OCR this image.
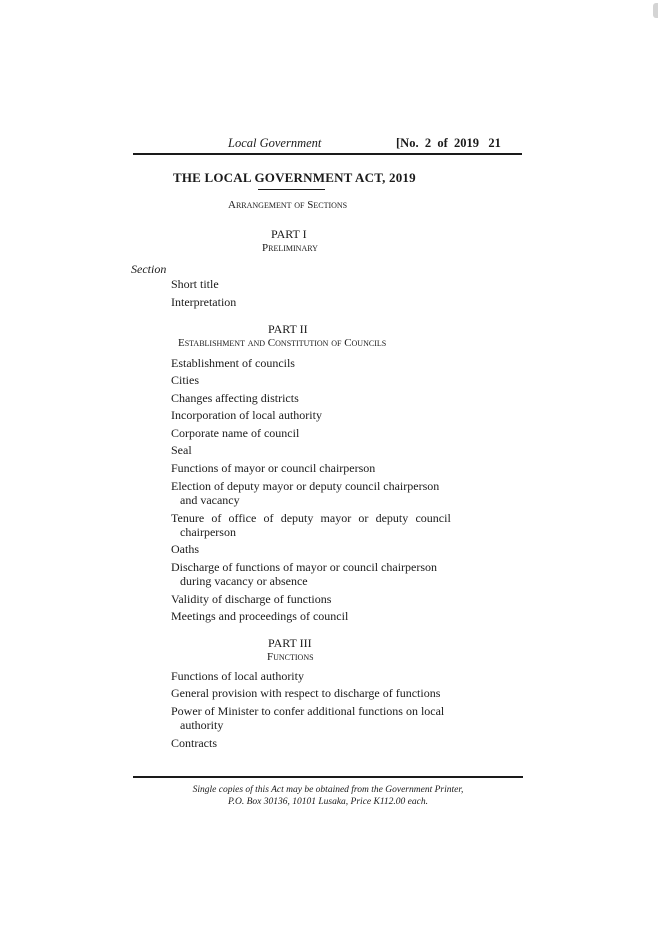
Local Government	[No.  2  of  2019   21
THE LOCAL GOVERNMENT ACT, 2019
Arrangement of Sections
PART I
Preliminary
Section
Short title
Interpretation
PART II
Establishment and Constitution of Councils
Establishment of councils
Cities
Changes affecting districts
Incorporation of local authority
Corporate name of council
Seal
Functions of mayor or council chairperson
Election of deputy mayor or deputy council chairperson
and vacancy
Tenure of office of deputy mayor or deputy council
chairperson
Oaths
Discharge of functions of mayor or council chairperson
during vacancy or absence
Validity of discharge of functions
Meetings and proceedings of council
PART III
Functions
Functions of local authority
General provision with respect to discharge of functions
Power of Minister to confer additional functions on local
authority
Contracts
Single copies of this Act may be obtained from the Government Printer,
P.O. Box 30136, 10101 Lusaka, Price K112.00 each.
